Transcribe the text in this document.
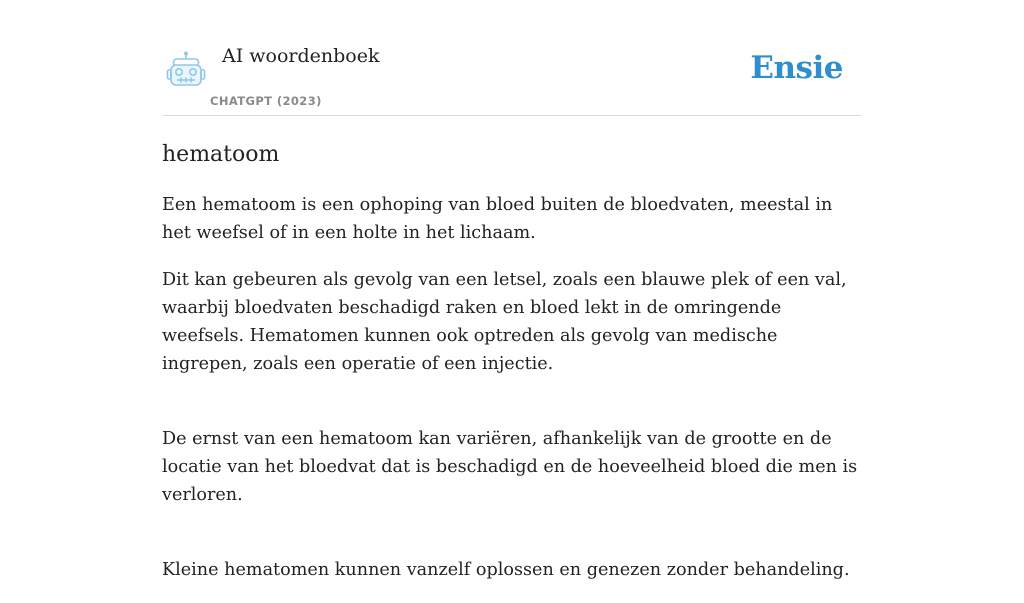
AI woordenboek
CHATGPT (2023)
Ensie
hematoom

Een hematoom is een ophoping van bloed buiten de bloedvaten, meestal in het weefsel of in een holte in het lichaam.

Dit kan gebeuren als gevolg van een letsel, zoals een blauwe plek of een val, waarbij bloedvaten beschadigd raken en bloed lekt in de omringende weefsels. Hematomen kunnen ook optreden als gevolg van medische ingrepen, zoals een operatie of een injectie.

De ernst van een hematoom kan variëren, afhankelijk van de grootte en de locatie van het bloedvat dat is beschadigd en de hoeveelheid bloed die men is verloren.

Kleine hematomen kunnen vanzelf oplossen en genezen zonder behandeling.
